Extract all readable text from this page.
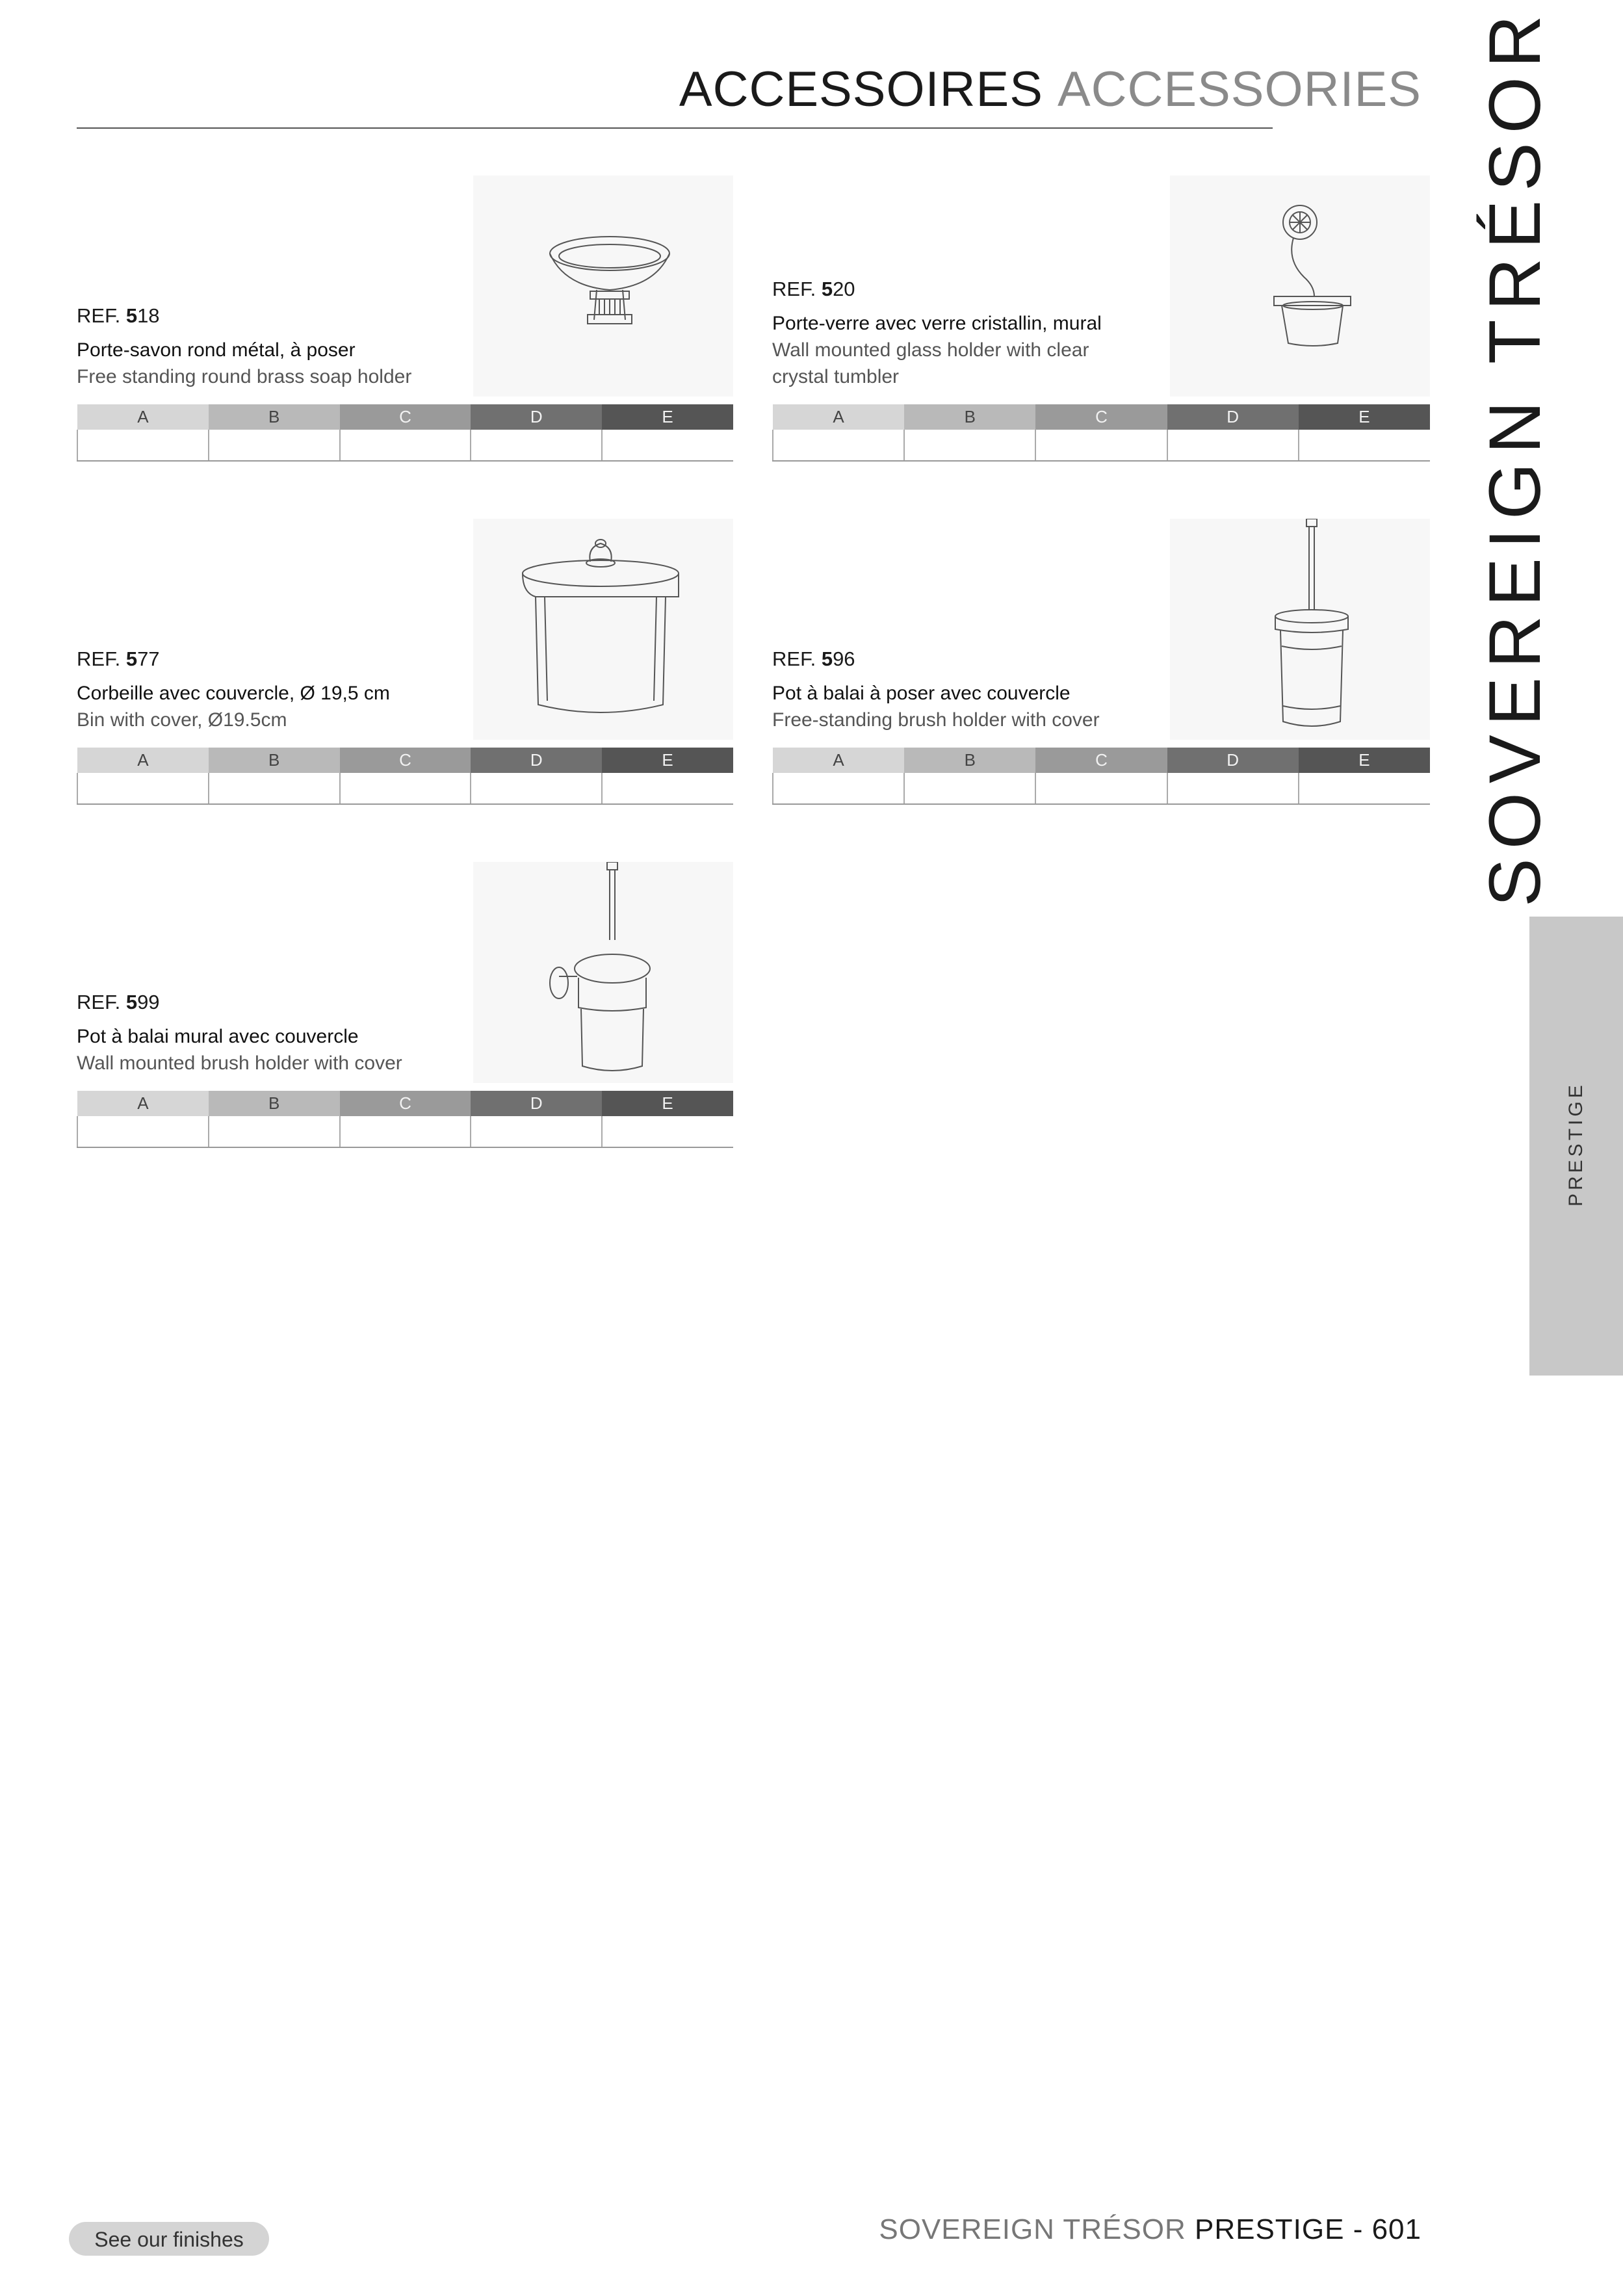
ACCESSOIRES ACCESSORIES SOVEREIGN TRÉSOR
PRESTIGE
REF. 518
Porte-savon rond métal, à poser
Free standing round brass soap holder
A	B	C	D	E

REF. 520
Porte-verre avec verre cristallin, mural
Wall mounted glass holder with clear crystal tumbler
A	B	C	D	E

REF. 577
Corbeille avec couvercle, Ø 19,5 cm
Bin with cover, Ø19.5cm
A	B	C	D	E

REF. 596
Pot à balai à poser avec couvercle
Free-standing brush holder with cover
A	B	C	D	E

REF. 599
Pot à balai mural avec couvercle
Wall mounted brush holder with cover
A	B	C	D	E

See our finishes	SOVEREIGN TRÉSOR PRESTIGE - 601
